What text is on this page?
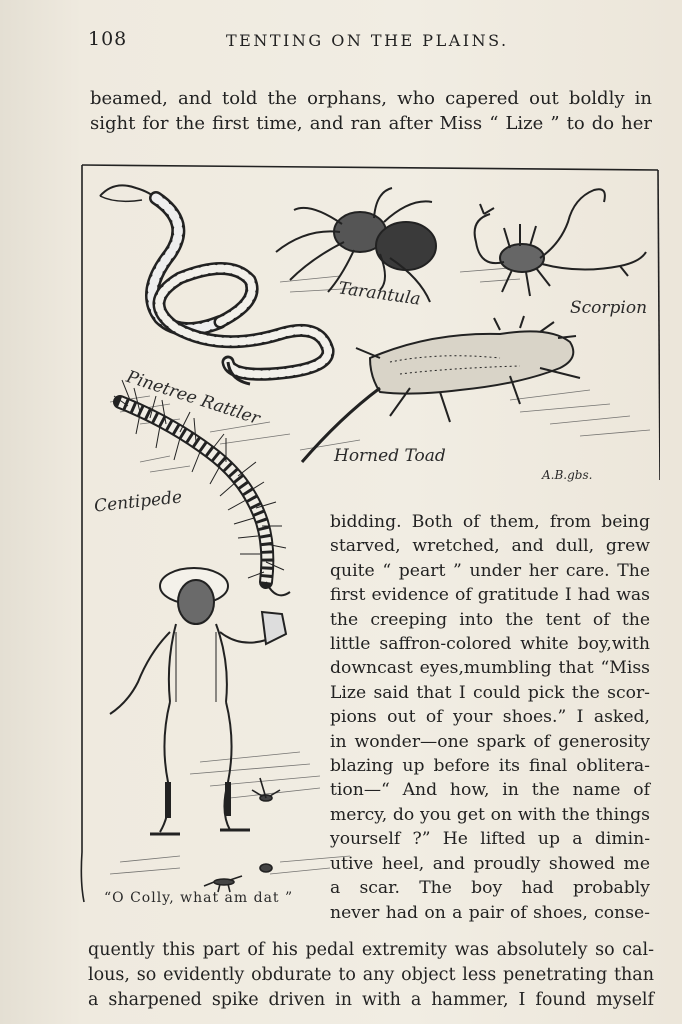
108	TENTING ON THE PLAINS.

beamed, and told the orphans, who capered out boldly in

sight for the first time, and ran after Miss “ Lize ” to do her

Tarantula	Scorpion
Pinetree Rattler
Horned Toad
Centipede
A.B.gbs.
“O Colly, what am dat ”
bidding. Both of them, from being
starved, wretched, and dull, grew
quite “ peart ” under her care. The
first evidence of gratitude I had was
the creeping into the tent of the
little saffron-colored white boy,with
downcast eyes,mumbling that “Miss
Lize said that I could pick the scor-
pions out of your shoes.” I asked,
in wonder—one spark of generosity
blazing up before its final oblitera-
tion—“ And how, in the name of
mercy, do you get on with the things
yourself ?” He lifted up a dimin-
utive heel, and proudly showed me
a scar. The boy had probably
never had on a pair of shoes, conse-
quently this part of his pedal extremity was absolutely so cal-
lous, so evidently obdurate to any object less penetrating than
a sharpened spike driven in with a hammer, I found myself
